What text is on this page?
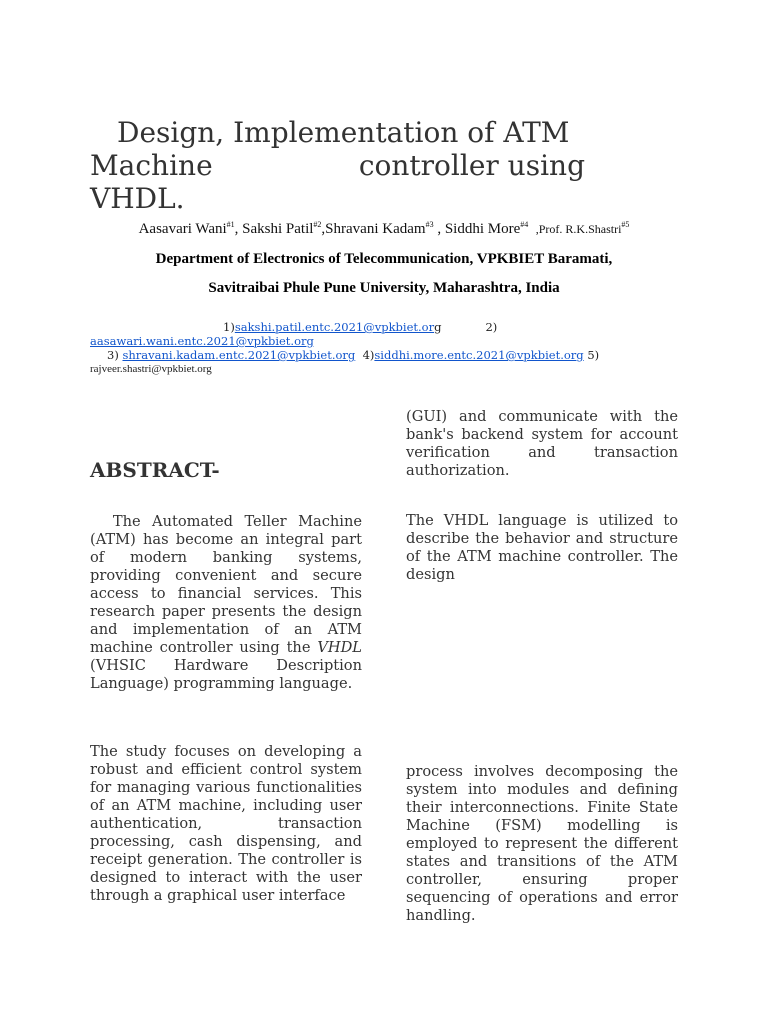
Design, Implementation of ATM
Machine	controller using
VHDL.
Aasavari Wani$^{\#1}$, Sakshi Patil$^{\#2}$,Shravani Kadam$^{\#3}$ , Siddhi More$^{\#4}$ ,Prof. R.K.Shastri$^{\#5}$
Department of Electronics of Telecommunication, VPKBIET Baramati,
Savitraibai Phule Pune University, Maharashtra, India
1)sakshi.patil.entc.2021@vpkbiet.org	2)
aasawari.wani.entc.2021@vpkbiet.org
3) shravani.kadam.entc.2021@vpkbiet.org 4)siddhi.more.entc.2021@vpkbiet.org 5)
rajveer.shastri@vpkbiet.org
ABSTRACT-

The Automated Teller Machine (ATM) has become an integral part of modern banking systems, providing convenient and secure access to financial services. This research paper presents the design and implementation of an ATM machine controller using the VHDL (VHSIC Hardware Description Language) programming language.

The study focuses on developing a robust and efficient control system for managing various functionalities of an ATM machine, including user authentication, transaction processing, cash dispensing, and receipt generation. The controller is designed to interact with the user through a graphical user interface

(GUI) and communicate with the bank's backend system for account verification and transaction authorization.

The VHDL language is utilized to describe the behavior and structure of the ATM machine controller. The design

process involves decomposing the system into modules and defining their interconnections. Finite State Machine (FSM) modelling is employed to represent the different states and transitions of the ATM controller, ensuring proper sequencing of operations and error handling.
